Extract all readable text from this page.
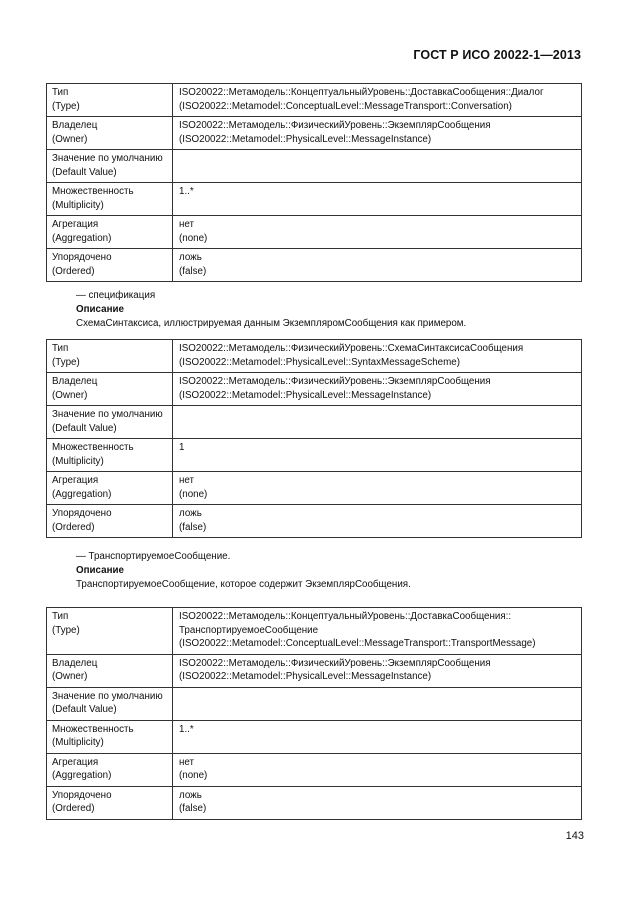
ГОСТ Р ИСО 20022-1—2013
Тип
(Type)	ISO20022::Метамодель::КонцептуальныйУровень::ДоставкаСообщения::Диалог
(ISO20022::Metamodel::ConceptualLevel::MessageTransport::Conversation)

Владелец
(Owner)	ISO20022::Метамодель::ФизическийУровень::ЭкземплярСообщения
(ISO20022::Metamodel::PhysicalLevel::MessageInstance)

Значение по умолчанию
(Default Value)	

Множественность
(Multiplicity)	1..*

Агрегация
(Aggregation)	нет
(none)

Упорядочено
(Ordered)	ложь
(false)
— спецификация
Описание
СхемаСинтаксиса, иллюстрируемая данным ЭкземпляромСообщения как примером.
Тип
(Type)	ISO20022::Метамодель::ФизическийУровень::СхемаСинтаксисаСообщения
(ISO20022::Metamodel::PhysicalLevel::SyntaxMessageScheme)

Владелец
(Owner)	ISO20022::Метамодель::ФизическийУровень::ЭкземплярСообщения
(ISO20022::Metamodel::PhysicalLevel::MessageInstance)

Значение по умолчанию
(Default Value)	

Множественность
(Multiplicity)	1

Агрегация
(Aggregation)	нет
(none)

Упорядочено
(Ordered)	ложь
(false)
— ТранспортируемоеСообщение.
Описание
ТранспортируемоеСообщение, которое содержит ЭкземплярСообщения.
Тип
(Type)	ISO20022::Метамодель::КонцептуальныйУровень::ДоставкаСообщения::
ТранспортируемоеСообщение
(ISO20022::Metamodel::ConceptualLevel::MessageTransport::TransportMessage)

Владелец
(Owner)	ISO20022::Метамодель::ФизическийУровень::ЭкземплярСообщения
(ISO20022::Metamodel::PhysicalLevel::MessageInstance)

Значение по умолчанию
(Default Value)	

Множественность
(Multiplicity)	1..*

Агрегация
(Aggregation)	нет
(none)

Упорядочено
(Ordered)	ложь
(false)
143
